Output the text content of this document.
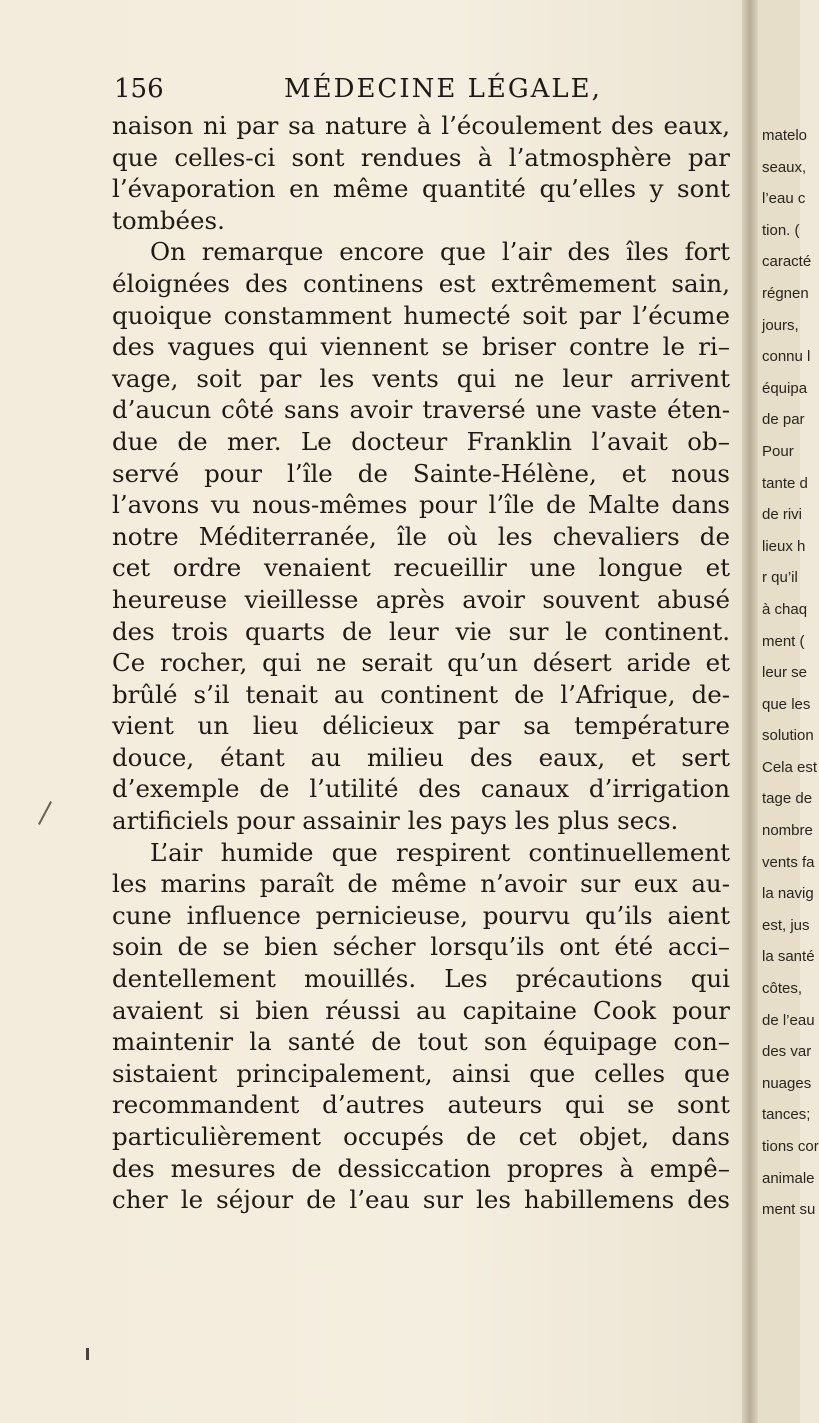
156	MÉDECINE LÉGALE,
naison ni par sa nature à l’écoulement des eaux,
que celles-ci sont rendues à l’atmosphère par
l’évaporation en même quantité qu’elles y sont
tombées.
On remarque encore que l’air des îles fort
éloignées des continens est extrêmement sain,
quoique constamment humecté soit par l’écume
des vagues qui viennent se briser contre le ri–
vage, soit par les vents qui ne leur arrivent
d’aucun côté sans avoir traversé une vaste éten-
due de mer. Le docteur Franklin l’avait ob–
servé pour l’île de Sainte-Hélène, et nous
l’avons vu nous-mêmes pour l’île de Malte dans
notre Méditerranée, île où les chevaliers de
cet ordre venaient recueillir une longue et
heureuse vieillesse après avoir souvent abusé
des trois quarts de leur vie sur le continent.
Ce rocher, qui ne serait qu’un désert aride et
brûlé s’il tenait au continent de l’Afrique, de-
vient un lieu délicieux par sa température
douce, étant au milieu des eaux, et sert
d’exemple de l’utilité des canaux d’irrigation
artificiels pour assainir les pays les plus secs.
L’air humide que respirent continuellement
les marins paraît de même n’avoir sur eux au-
cune influence pernicieuse, pourvu qu’ils aient
soin de se bien sécher lorsqu’ils ont été acci–
dentellement mouillés. Les précautions qui
avaient si bien réussi au capitaine Cook pour
maintenir la santé de tout son équipage con–
sistaient principalement, ainsi que celles que
recommandent d’autres auteurs qui se sont
particulièrement occupés de cet objet, dans
des mesures de dessiccation propres à empê–
cher le séjour de l’eau sur les habillemens des
matelo
seaux,
l’eau c
tion. (
caracté
régnen
jours,
connu l
équipa
de par
Pour
tante d
de rivi
lieux h
r qu’il
à chaq
ment (
leur se
que les
solution
Cela est
tage de
nombre
vents fa
la navig
est, jus
la santé
côtes,
de l’eau
des var
nuages
tances;
tions cor
animale
ment su
